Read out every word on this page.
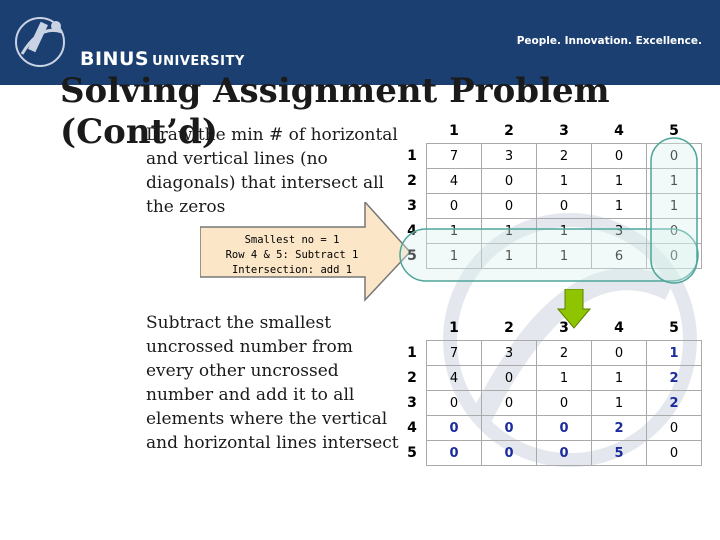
BINUS UNIVERSITY
People. Innovation. Excellence.
Solving Assignment Problem
(Cont’d)
Draw the min # of horizontal
and vertical lines (no
diagonals) that intersect all
the zeros
Smallest no = 1
Row 4 & 5: Subtract 1
Intersection: add 1
Subtract the smallest
uncrossed number from
every other uncrossed
number and add it to all
elements where the vertical
and horizontal lines intersect
	1	2	3	4	5
1	7	3	2	0	0
2	4	0	1	1	1
3	0	0	0	1	1
4	1	1	1	3	0
5	1	1	1	6	0
	1	2	3	4	5
1	7	3	2	0	1
2	4	0	1	1	2
3	0	0	0	1	2
4	0	0	0	2	0
5	0	0	0	5	0
